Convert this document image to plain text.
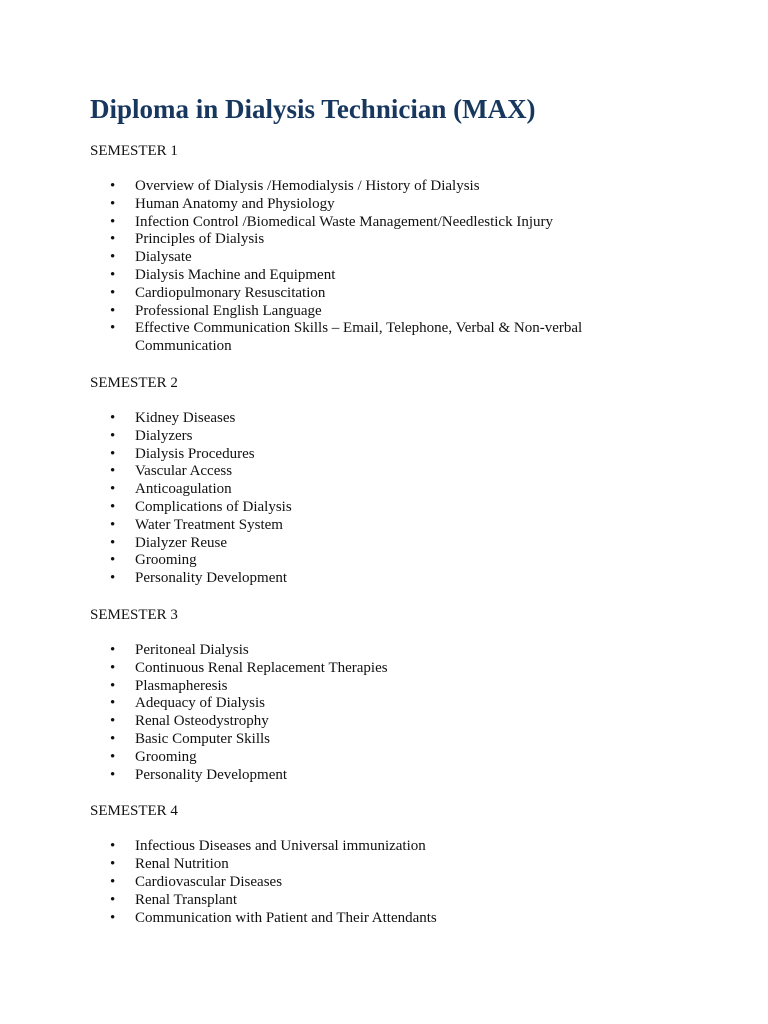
Diploma in Dialysis Technician (MAX)

SEMESTER 1

• Overview of Dialysis /Hemodialysis / History of Dialysis
• Human Anatomy and Physiology
• Infection Control /Biomedical Waste Management/Needlestick Injury
• Principles of Dialysis
• Dialysate
• Dialysis Machine and Equipment
• Cardiopulmonary Resuscitation
• Professional English Language
• Effective Communication Skills – Email, Telephone, Verbal & Non-verbal Communication

SEMESTER 2

• Kidney Diseases
• Dialyzers
• Dialysis Procedures
• Vascular Access
• Anticoagulation
• Complications of Dialysis
• Water Treatment System
• Dialyzer Reuse
• Grooming
• Personality Development

SEMESTER 3

• Peritoneal Dialysis
• Continuous Renal Replacement Therapies
• Plasmapheresis
• Adequacy of Dialysis
• Renal Osteodystrophy
• Basic Computer Skills
• Grooming
• Personality Development

SEMESTER 4

• Infectious Diseases and Universal immunization
• Renal Nutrition
• Cardiovascular Diseases
• Renal Transplant
• Communication with Patient and Their Attendants
